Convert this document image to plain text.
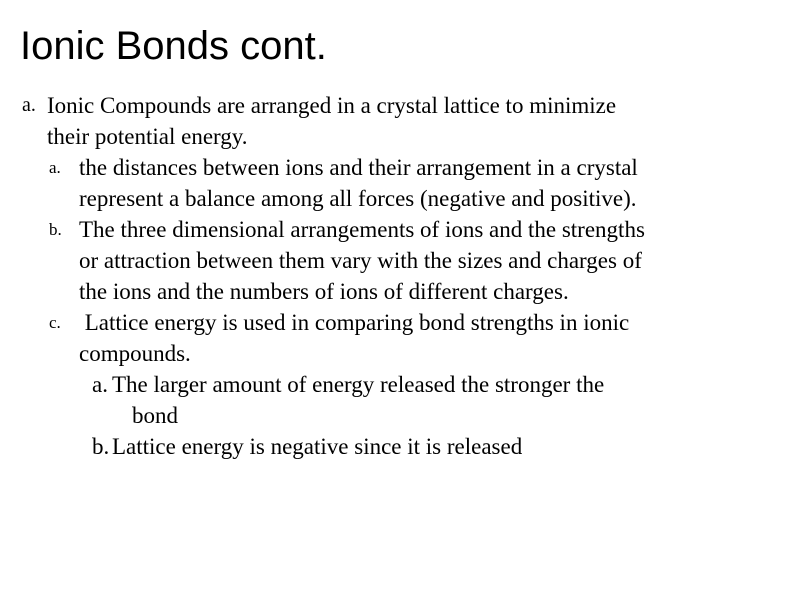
Ionic Bonds cont.
a. Ionic Compounds are arranged in a crystal lattice to minimize
their potential energy.
a. the distances between ions and their arrangement in a crystal
represent a balance among all forces (negative and positive).
b. The three dimensional arrangements of ions and the strengths
or attraction between them vary with the sizes and charges of
the ions and the numbers of ions of different charges.
c. Lattice energy is used in comparing bond strengths in ionic
compounds.
a. The larger amount of energy released the stronger the
bond
b. Lattice energy is negative since it is released
